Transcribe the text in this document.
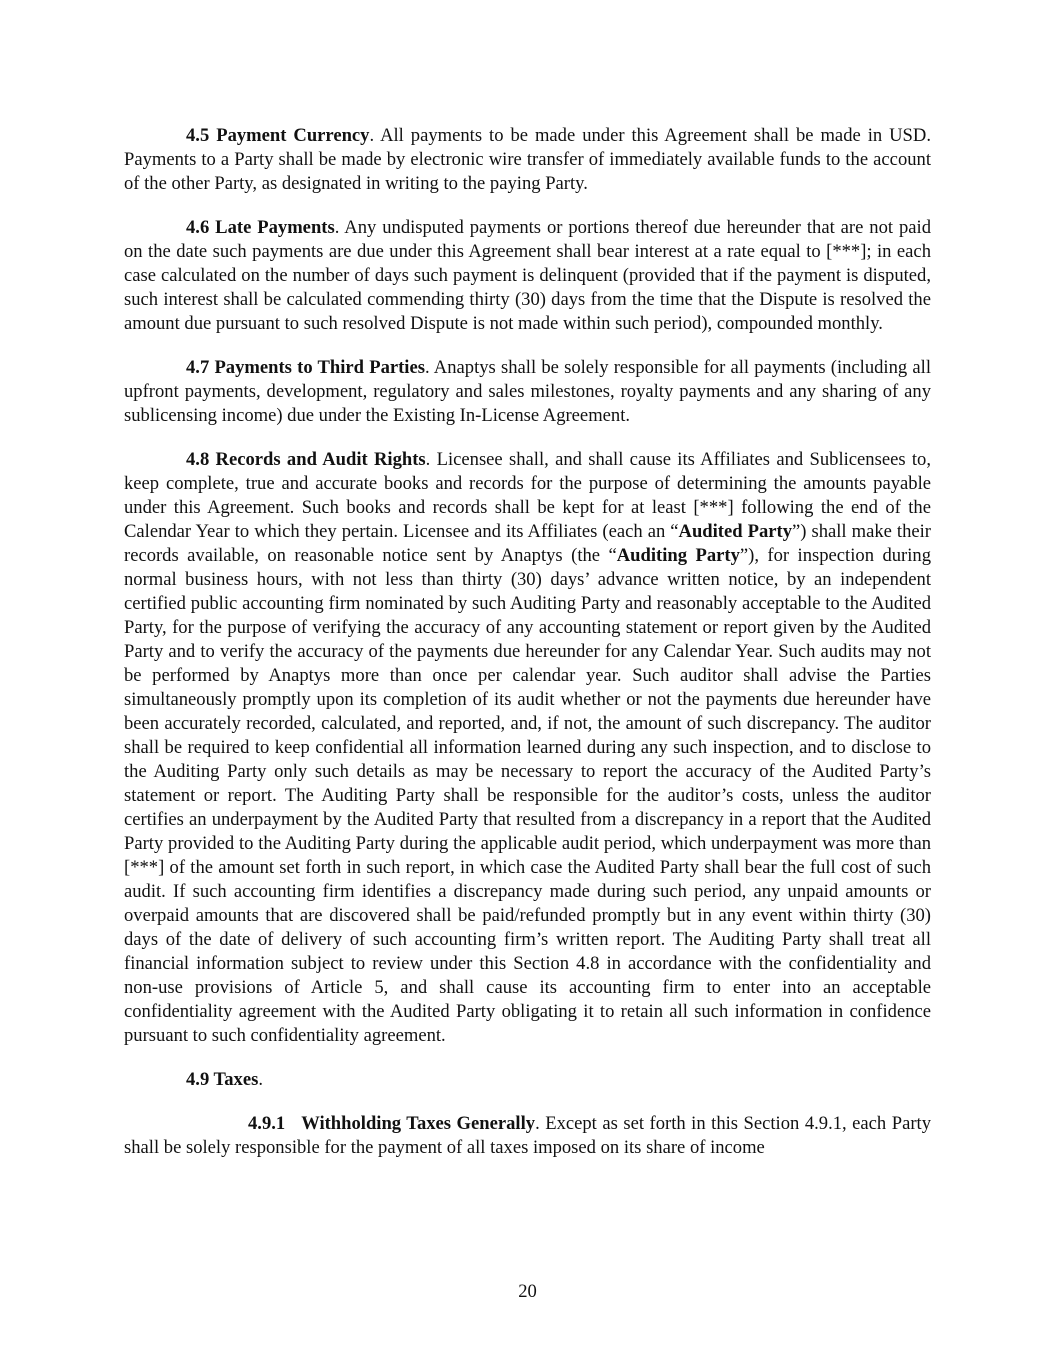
4.5 Payment Currency. All payments to be made under this Agreement shall be made in USD. Payments to a Party shall be made by electronic wire transfer of immediately available funds to the account of the other Party, as designated in writing to the paying Party.

4.6 Late Payments. Any undisputed payments or portions thereof due hereunder that are not paid on the date such payments are due under this Agreement shall bear interest at a rate equal to [***]; in each case calculated on the number of days such payment is delinquent (provided that if the payment is disputed, such interest shall be calculated commending thirty (30) days from the time that the Dispute is resolved the amount due pursuant to such resolved Dispute is not made within such period), compounded monthly.

4.7 Payments to Third Parties. Anaptys shall be solely responsible for all payments (including all upfront payments, development, regulatory and sales milestones, royalty payments and any sharing of any sublicensing income) due under the Existing In-License Agreement.

4.8 Records and Audit Rights. Licensee shall, and shall cause its Affiliates and Sublicensees to, keep complete, true and accurate books and records for the purpose of determining the amounts payable under this Agreement. Such books and records shall be kept for at least [***] following the end of the Calendar Year to which they pertain. Licensee and its Affiliates (each an “Audited Party”) shall make their records available, on reasonable notice sent by Anaptys (the “Auditing Party”), for inspection during normal business hours, with not less than thirty (30) days’ advance written notice, by an independent certified public accounting firm nominated by such Auditing Party and reasonably acceptable to the Audited Party, for the purpose of verifying the accuracy of any accounting statement or report given by the Audited Party and to verify the accuracy of the payments due hereunder for any Calendar Year. Such audits may not be performed by Anaptys more than once per calendar year. Such auditor shall advise the Parties simultaneously promptly upon its completion of its audit whether or not the payments due hereunder have been accurately recorded, calculated, and reported, and, if not, the amount of such discrepancy. The auditor shall be required to keep confidential all information learned during any such inspection, and to disclose to the Auditing Party only such details as may be necessary to report the accuracy of the Audited Party’s statement or report. The Auditing Party shall be responsible for the auditor’s costs, unless the auditor certifies an underpayment by the Audited Party that resulted from a discrepancy in a report that the Audited Party provided to the Auditing Party during the applicable audit period, which underpayment was more than [***] of the amount set forth in such report, in which case the Audited Party shall bear the full cost of such audit. If such accounting firm identifies a discrepancy made during such period, any unpaid amounts or overpaid amounts that are discovered shall be paid/refunded promptly but in any event within thirty (30) days of the date of delivery of such accounting firm’s written report. The Auditing Party shall treat all financial information subject to review under this Section 4.8 in accordance with the confidentiality and non-use provisions of Article 5, and shall cause its accounting firm to enter into an acceptable confidentiality agreement with the Audited Party obligating it to retain all such information in confidence pursuant to such confidentiality agreement.

4.9 Taxes.

4.9.1 Withholding Taxes Generally. Except as set forth in this Section 4.9.1, each Party shall be solely responsible for the payment of all taxes imposed on its share of income

20
